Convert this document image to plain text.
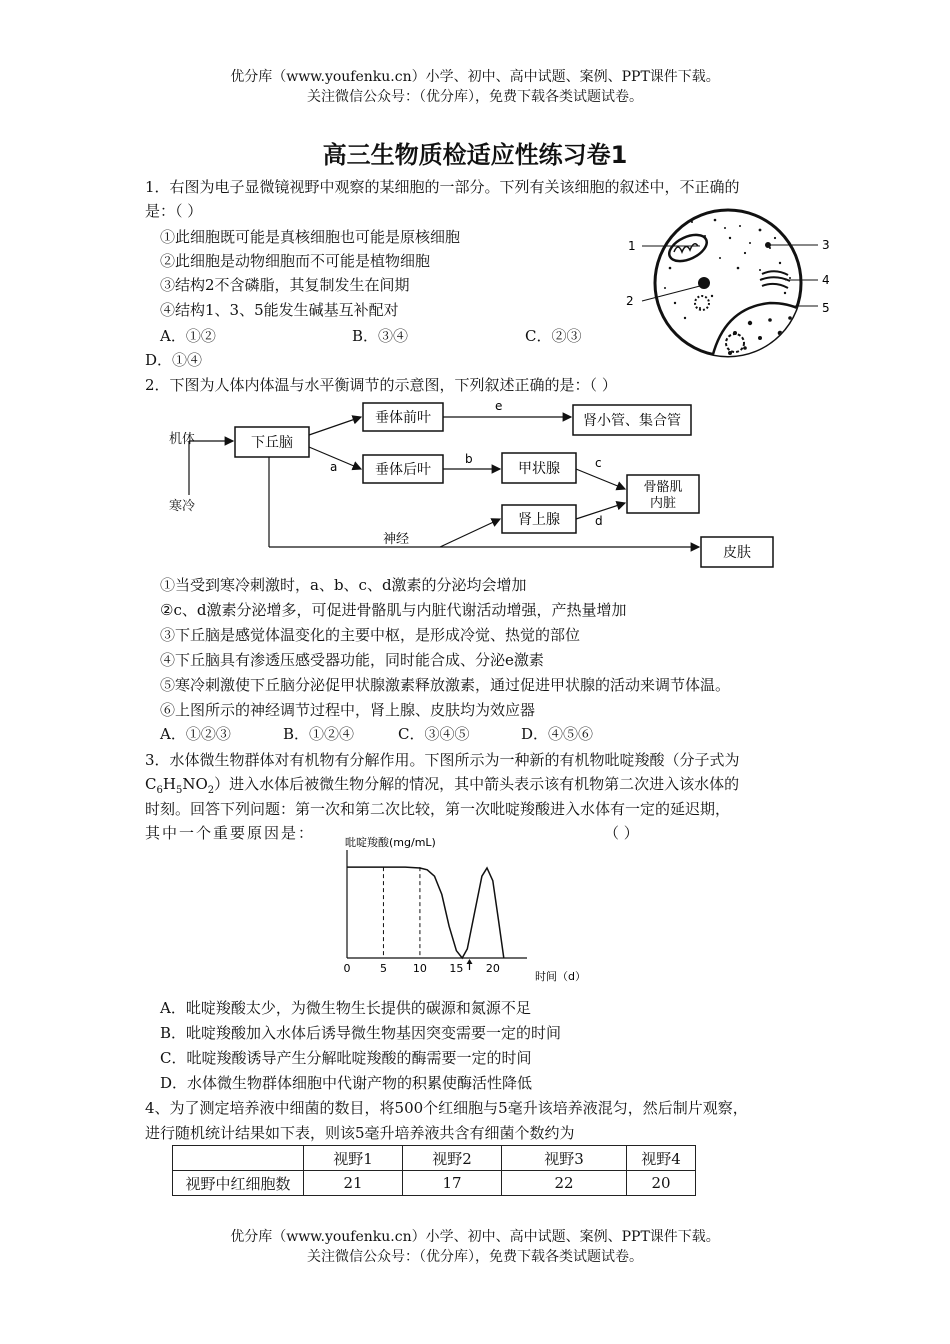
优分库（www.youfenku.cn）小学、初中、高中试题、案例、PPT课件下载。
关注微信公众号：（优分库），免费下载各类试题试卷。
高三生物质检适应性练习卷1
1．右图为电子显微镜视野中观察的某细胞的一部分。下列有关该细胞的叙述中，不正确的
是：（ ）
①此细胞既可能是真核细胞也可能是原核细胞
②此细胞是动物细胞而不可能是植物细胞
③结构2不含磷脂，其复制发生在间期
④结构1、3、5能发生碱基互补配对
A．①②	B．③④	C．②③
D．①④
1
2
3
4
5
2．下图为人体内体温与水平衡调节的示意图，下列叙述正确的是：（ ）
机体
寒冷
下丘脑
垂体前叶
垂体后叶
肾小管、集合管
甲状腺
肾上腺
骨骼肌
内脏
皮肤
e
a
b	c
d
神经
①当受到寒冷刺激时，a、b、c、d激素的分泌均会增加
②c、d激素分泌增多，可促进骨骼肌与内脏代谢活动增强，产热量增加
③下丘脑是感觉体温变化的主要中枢，是形成冷觉、热觉的部位
④下丘脑具有渗透压感受器功能，同时能合成、分泌e激素
⑤寒冷刺激使下丘脑分泌促甲状腺激素释放激素，通过促进甲状腺的活动来调节体温。
⑥上图所示的神经调节过程中，肾上腺、皮肤均为效应器
A．①②③	B．①②④	C．③④⑤	D．④⑤⑥
3．水体微生物群体对有机物有分解作用。下图所示为一种新的有机物吡啶羧酸（分子式为
$C_6H_5NO_2$）进入水体后被微生物分解的情况，其中箭头表示该有机物第二次进入该水体的
时刻。回答下列问题：第一次和第二次比较，第一次吡啶羧酸进入水体有一定的延迟期，
其中一个重要原因是：	（ ）
0	5 10 15 20
吡啶羧酸(mg/mL)
时间（d）
A．吡啶羧酸太少，为微生物生长提供的碳源和氮源不足
B．吡啶羧酸加入水体后诱导微生物基因突变需要一定的时间
C．吡啶羧酸诱导产生分解吡啶羧酸的酶需要一定的时间
D．水体微生物群体细胞中代谢产物的积累使酶活性降低
4、为了测定培养液中细菌的数目，将500个红细胞与5毫升该培养液混匀，然后制片观察，
进行随机统计结果如下表，则该5毫升培养液共含有细菌个数约为
	视野1	视野2	视野3	视野4
视野中红细胞数	21	17	22	20
优分库（www.youfenku.cn）小学、初中、高中试题、案例、PPT课件下载。
关注微信公众号：（优分库），免费下载各类试题试卷。
